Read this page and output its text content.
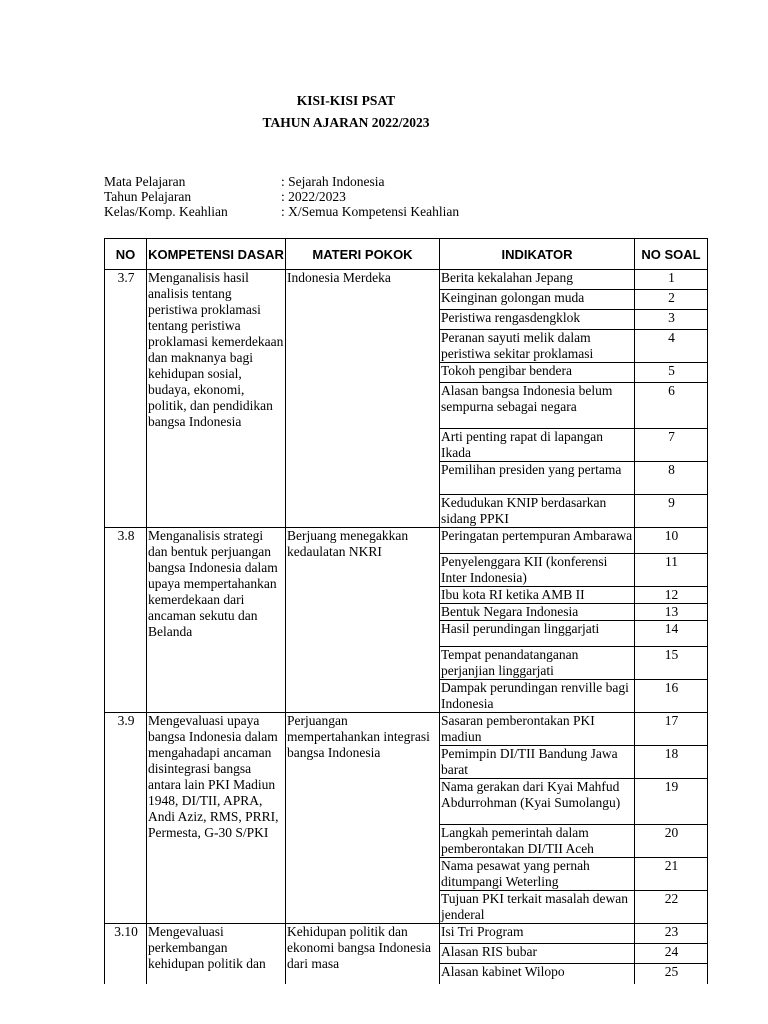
KISI-KISI PSAT
TAHUN AJARAN 2022/2023
Mata Pelajaran	: Sejarah Indonesia
Tahun Pelajaran	: 2022/2023
Kelas/Komp. Keahlian	: X/Semua Kompetensi Keahlian
NO	KOMPETENSI DASAR	MATERI POKOK	INDIKATOR	NO SOAL
3.7	Menganalisis hasil analisis tentang peristiwa proklamasi tentang peristiwa proklamasi kemerdekaan dan maknanya bagi kehidupan sosial, budaya, ekonomi, politik, dan pendidikan bangsa Indonesia	Indonesia Merdeka	Berita kekalahan Jepang	1
			Keinginan golongan muda	2
			Peristiwa rengasdengklok	3
			Peranan sayuti melik dalam peristiwa sekitar proklamasi	4
			Tokoh pengibar bendera	5
			Alasan bangsa Indonesia belum sempurna sebagai negara	6
			Arti penting rapat di lapangan Ikada	7
			Pemilihan presiden yang pertama	8
			Kedudukan KNIP berdasarkan sidang PPKI	9
3.8	Menganalisis strategi dan bentuk perjuangan bangsa Indonesia dalam upaya mempertahankan kemerdekaan dari ancaman sekutu dan Belanda	Berjuang menegakkan kedaulatan NKRI	Peringatan pertempuran Ambarawa	10
			Penyelenggara KII (konferensi Inter Indonesia)	11
			Ibu kota RI ketika AMB II	12
			Bentuk Negara Indonesia	13
			Hasil perundingan linggarjati	14
			Tempat penandatanganan perjanjian linggarjati	15
			Dampak perundingan renville bagi Indonesia	16
3.9	Mengevaluasi upaya bangsa Indonesia dalam mengahadapi ancaman disintegrasi bangsa antara lain PKI Madiun 1948, DI/TII, APRA, Andi Aziz, RMS, PRRI, Permesta, G-30 S/PKI	Perjuangan mempertahankan integrasi bangsa Indonesia	Sasaran pemberontakan PKI madiun	17
			Pemimpin DI/TII Bandung Jawa barat	18
			Nama gerakan dari Kyai Mahfud Abdurrohman (Kyai Sumolangu)	19
			Langkah pemerintah dalam pemberontakan DI/TII Aceh	20
			Nama pesawat yang pernah ditumpangi Weterling	21
			Tujuan PKI terkait masalah dewan jenderal	22
3.10	Mengevaluasi perkembangan kehidupan politik dan	Kehidupan politik dan ekonomi bangsa Indonesia dari masa	Isi Tri Program	23
			Alasan RIS bubar	24
			Alasan kabinet Wilopo	25
